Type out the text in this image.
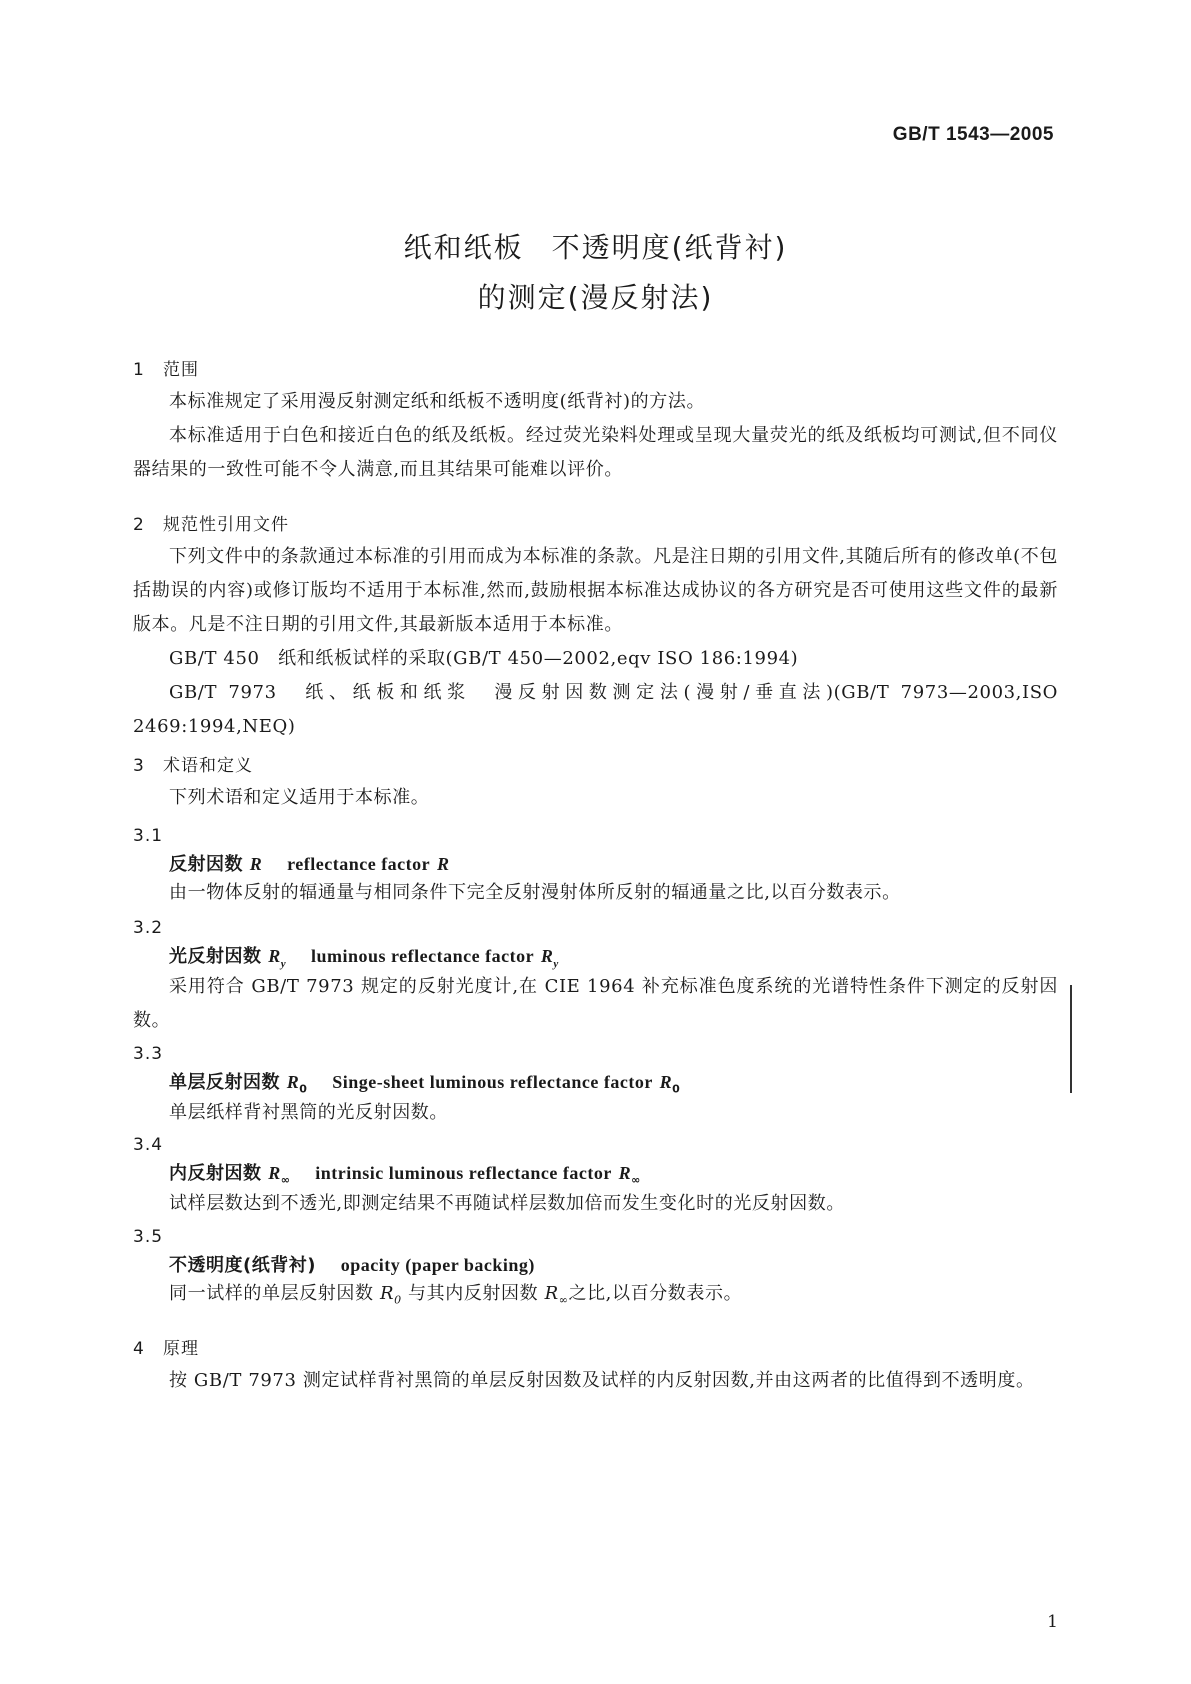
GB/T 1543—2005
纸和纸板 不透明度(纸背衬)
的测定(漫反射法)
1 范围
本标准规定了采用漫反射测定纸和纸板不透明度(纸背衬)的方法。
本标准适用于白色和接近白色的纸及纸板。经过荧光染料处理或呈现大量荧光的纸及纸板均可测试,但不同仪器结果的一致性可能不令人满意,而且其结果可能难以评价。
2 规范性引用文件
下列文件中的条款通过本标准的引用而成为本标准的条款。凡是注日期的引用文件,其随后所有的修改单(不包括勘误的内容)或修订版均不适用于本标准,然而,鼓励根据本标准达成协议的各方研究是否可使用这些文件的最新版本。凡是不注日期的引用文件,其最新版本适用于本标准。
GB/T 450　纸和纸板试样的采取(GB/T 450—2002,eqv ISO 186:1994)
GB/T 7973　纸、纸板和纸浆　漫反射因数测定法(漫射/垂直法)(GB/T 7973—2003,ISO 2469:1994,NEQ)
3 术语和定义
下列术语和定义适用于本标准。
3.1
反射因数 R reflectance factor R
由一物体反射的辐通量与相同条件下完全反射漫射体所反射的辐通量之比,以百分数表示。
3.2
光反射因数 $R_y$ luminous reflectance factor $R_y$
采用符合 GB/T 7973 规定的反射光度计,在 CIE 1964 补充标准色度系统的光谱特性条件下测定的反射因数。
3.3
单层反射因数 $R_0$ Singe-sheet luminous reflectance factor $R_0$
单层纸样背衬黑筒的光反射因数。
3.4
内反射因数 $R_\infty$ intrinsic luminous reflectance factor $R_\infty$
试样层数达到不透光,即测定结果不再随试样层数加倍而发生变化时的光反射因数。
3.5
不透明度(纸背衬) opacity (paper backing)
同一试样的单层反射因数 $R_0$ 与其内反射因数 $R_\infty$之比,以百分数表示。
4 原理
按 GB/T 7973 测定试样背衬黑筒的单层反射因数及试样的内反射因数,并由这两者的比值得到不透明度。
1
